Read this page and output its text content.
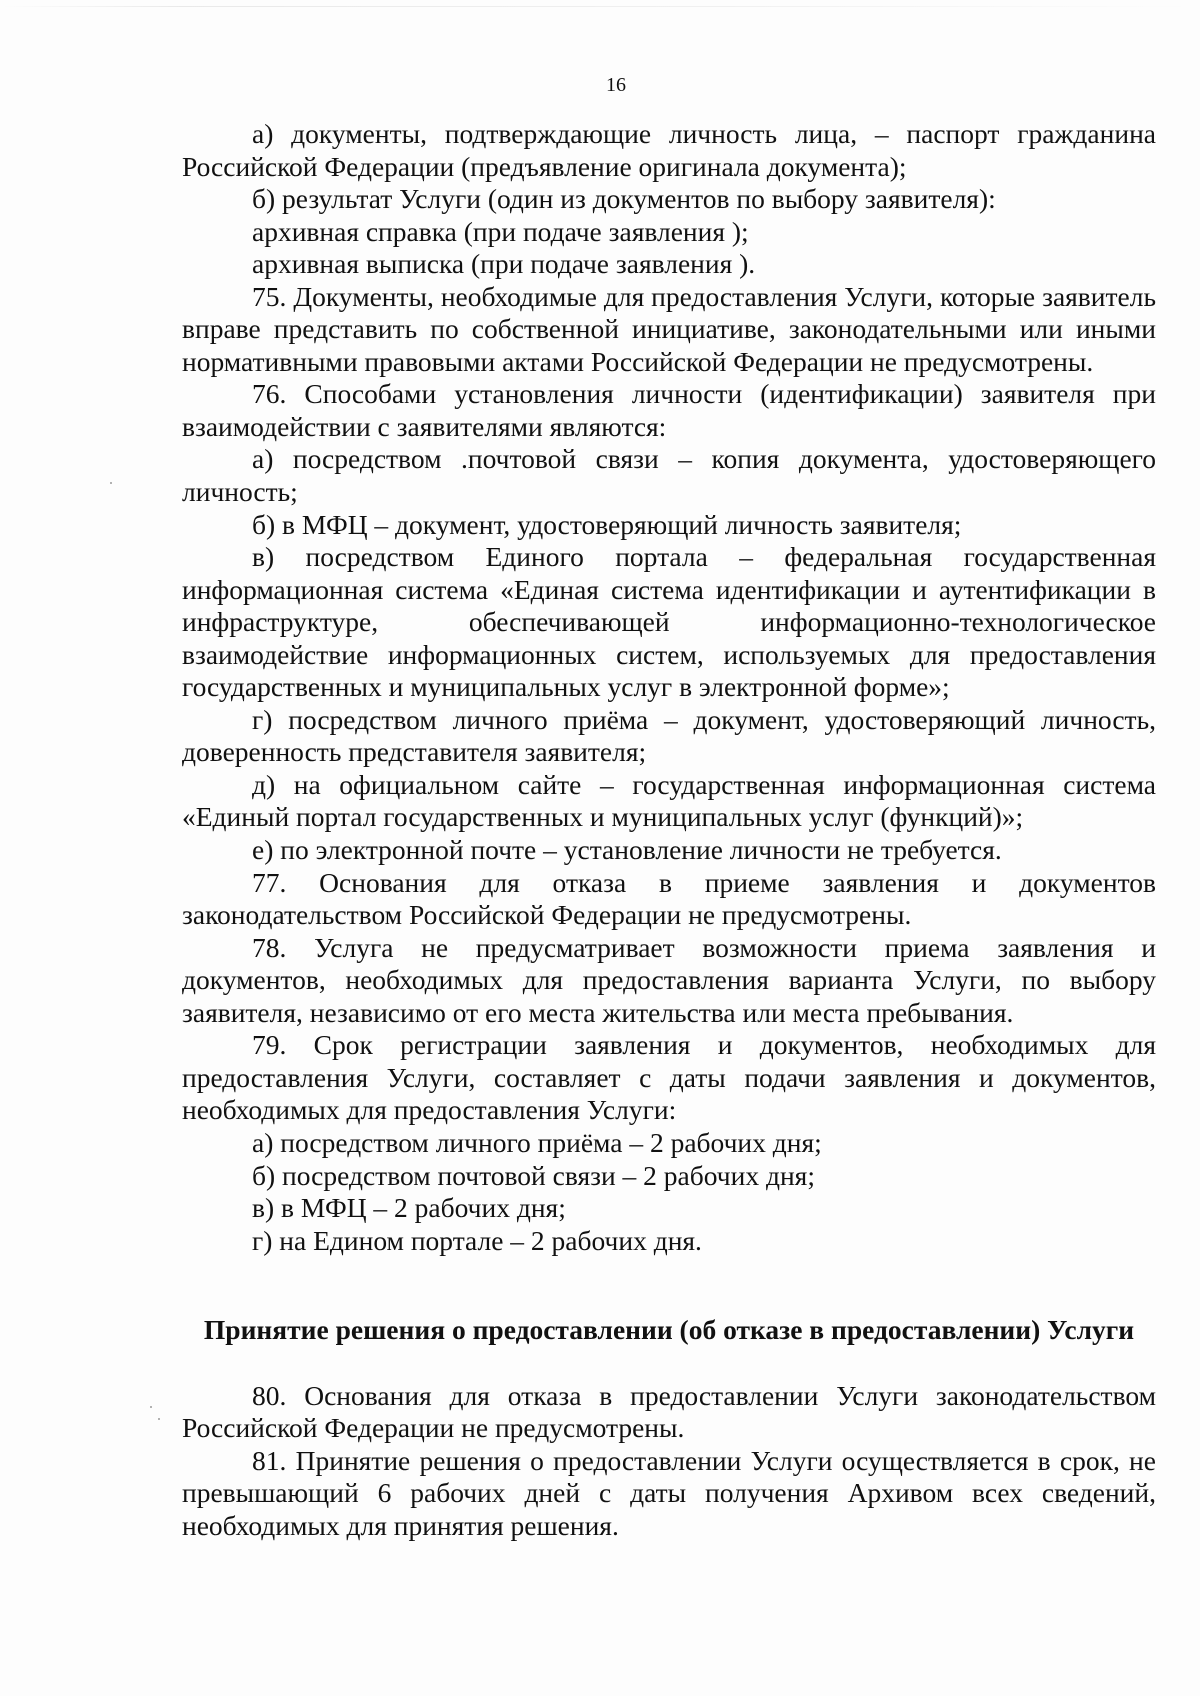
16

а) документы, подтверждающие личность лица, – паспорт гражданина Российской Федерации (предъявление оригинала документа);

б) результат Услуги (один из документов по выбору заявителя):

архивная справка (при подаче заявления );

архивная выписка (при подаче заявления ).

75. Документы, необходимые для предоставления Услуги, которые заявитель вправе представить по собственной инициативе, законодательными или иными нормативными правовыми актами Российской Федерации не предусмотрены.

76. Способами установления личности (идентификации) заявителя при взаимодействии с заявителями являются:

а) посредством .почтовой связи – копия документа, удостоверяющего личность;

б) в МФЦ – документ, удостоверяющий личность заявителя;

в) посредством Единого портала – федеральная государственная информационная система «Единая система идентификации и аутентификации в инфраструктуре, обеспечивающей информационно-технологическое взаимодействие информационных систем, используемых для предоставления государственных и муниципальных услуг в электронной форме»;

г) посредством личного приёма – документ, удостоверяющий личность, доверенность представителя заявителя;

д) на официальном сайте – государственная информационная система «Единый портал государственных и муниципальных услуг (функций)»;

е) по электронной почте – установление личности не требуется.

77. Основания для отказа в приеме заявления и документов законодательством Российской Федерации не предусмотрены.

78. Услуга не предусматривает возможности приема заявления и документов, необходимых для предоставления варианта Услуги, по выбору заявителя, независимо от его места жительства или места пребывания.

79. Срок регистрации заявления и документов, необходимых для предоставления Услуги, составляет с даты подачи заявления и документов, необходимых для предоставления Услуги:

а) посредством личного приёма – 2 рабочих дня;

б) посредством почтовой связи – 2 рабочих дня;

в) в МФЦ – 2 рабочих дня;

г) на Едином портале – 2 рабочих дня.

Принятие решения о предоставлении (об отказе в предоставлении) Услуги

80. Основания для отказа в предоставлении Услуги законодательством Российской Федерации не предусмотрены.

81. Принятие решения о предоставлении Услуги осуществляется в срок, не превышающий 6 рабочих дней с даты получения Архивом всех сведений, необходимых для принятия решения.
